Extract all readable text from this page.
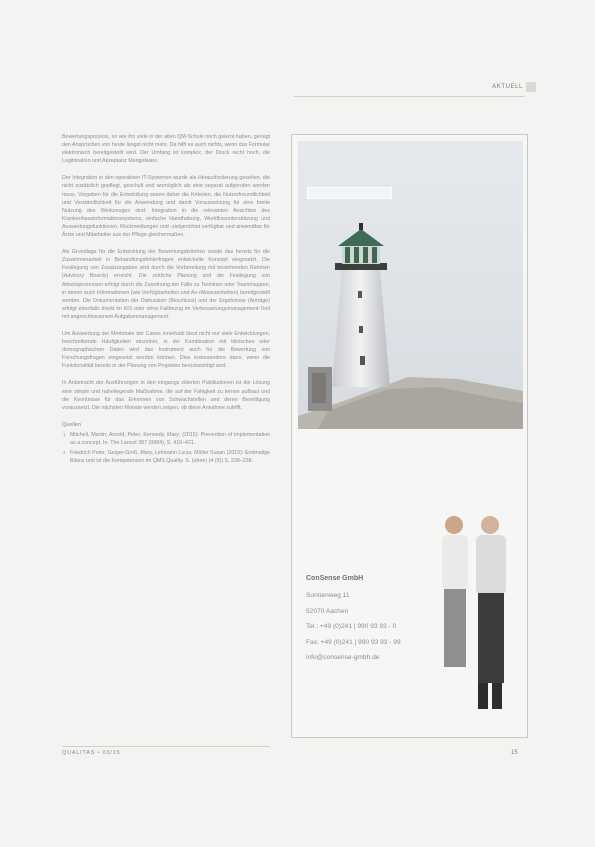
AKTUELL

Bewertungsprozess, so wie ihn viele in der alten QM-Schule noch gelernt haben, genügt den Ansprüchen von heute längst nicht mehr. Da hilft es auch nichts, wenn das Formular elektronisch bereitgestellt wird. Der Umfang ist komplex, der Druck recht hoch, die Legitimation und Akzeptanz Mangelware.

Der Integration in den operativen IT-Systemen wurde als Herausforderung gesehen, die nicht zusätzlich gepflegt, geschult und womöglich als eine separat aufgerufen werden muss. Vorgaben für die Entwicklung waren daher die Kriterien, die Nutzerfreundlichkeit und Verständlichkeit für die Anwendung und damit Voraussetzung für eine breite Nutzung des Werkzeuges sind: Integration in die relevanten Ansichten des Krankenhausinformationssystems, einfache Handhabung, Workflowunterstützung und Auswertungsfunktionen, Rückmeldungen und -zielgerichtet verfügbar und anwendbar für Ärzte und Mitarbeiter aus der Pflege gleichermaßen.

Als Grundlage für die Entwicklung der Bewertungskriterien wurde das bereits für die Zusammenarbeit in Behandlungsfehlerfragen entwickelte Konzept eingesetzt. Die Festlegung von Zusatzangaben wird durch die Vorbereitung mit bestehenden Rahmen (Advisory Boards) erreicht. Die zeitliche Planung und die Festlegung von Arbeitsprozessen erfolgt durch die Zuordnung der Fälle zu Terminen oder Teammappen, in denen auch Informationen (wie Verfügbarkeiten und An-/Abwesenheiten) bereitgestellt werden. Die Dokumentation der Diskussion (Beschluss) und der Ergebnisse (Anträge) erfolgt ebenfalls direkt im KIS oder ohne Fallbezug im Verbesserungsmanagement-Tool mit angeschlossenem Aufgabenmanagement.

Um Auswertung der Merkmale der Cases innerhalb lässt nicht nur viele Entwicklungen, beschreibende Häufigkeiten einzelner, in der Kombination mit klinischen oder demographischen Daten wird das Instrument auch für die Bewertung von Forschungsfragen eingesetzt werden können. Dies insbesondere dann, wenn die Funktionalität bereits in der Planung von Projekten berücksichtigt wird.

In Anbetracht der Ausführungen in den eingangs zitierten Publikationen ist die Lösung eine simple und naheliegende Maßnahme, die auf der Fähigkeit zu lernen aufbaut und die Kenntnisse für das Erkennen von Schwachstellen und deren Beseitigung voraussetzt. Die nächsten Monate werden zeigen, ob diese Annahme zutrifft.

Quellen
1 Mitchell, Martin; Arnold, Peter; Kennedy, Mary; (2015): Prevention of implementation as a concept. In: The Lancet 387 (9984), S. 416–421.
2 Friedrich Peter, Geiger-Groß, Mary, Lehmann Lucia, Müller Susan (2015): Erstmalige Bilanz und ist die Kompetenzen im QMS Quality. S. (ohne) (4 (9)) S. 228–238.
ConSense GmbH
Sonnenweg 11
52070 Aachen
Tel.: +49 (0)241 | 990 93 93 - 0
Fax: +49 (0)241 | 990 93 93 - 99
info@consense-gmbh.de
QUALITAS • 03/15	15
